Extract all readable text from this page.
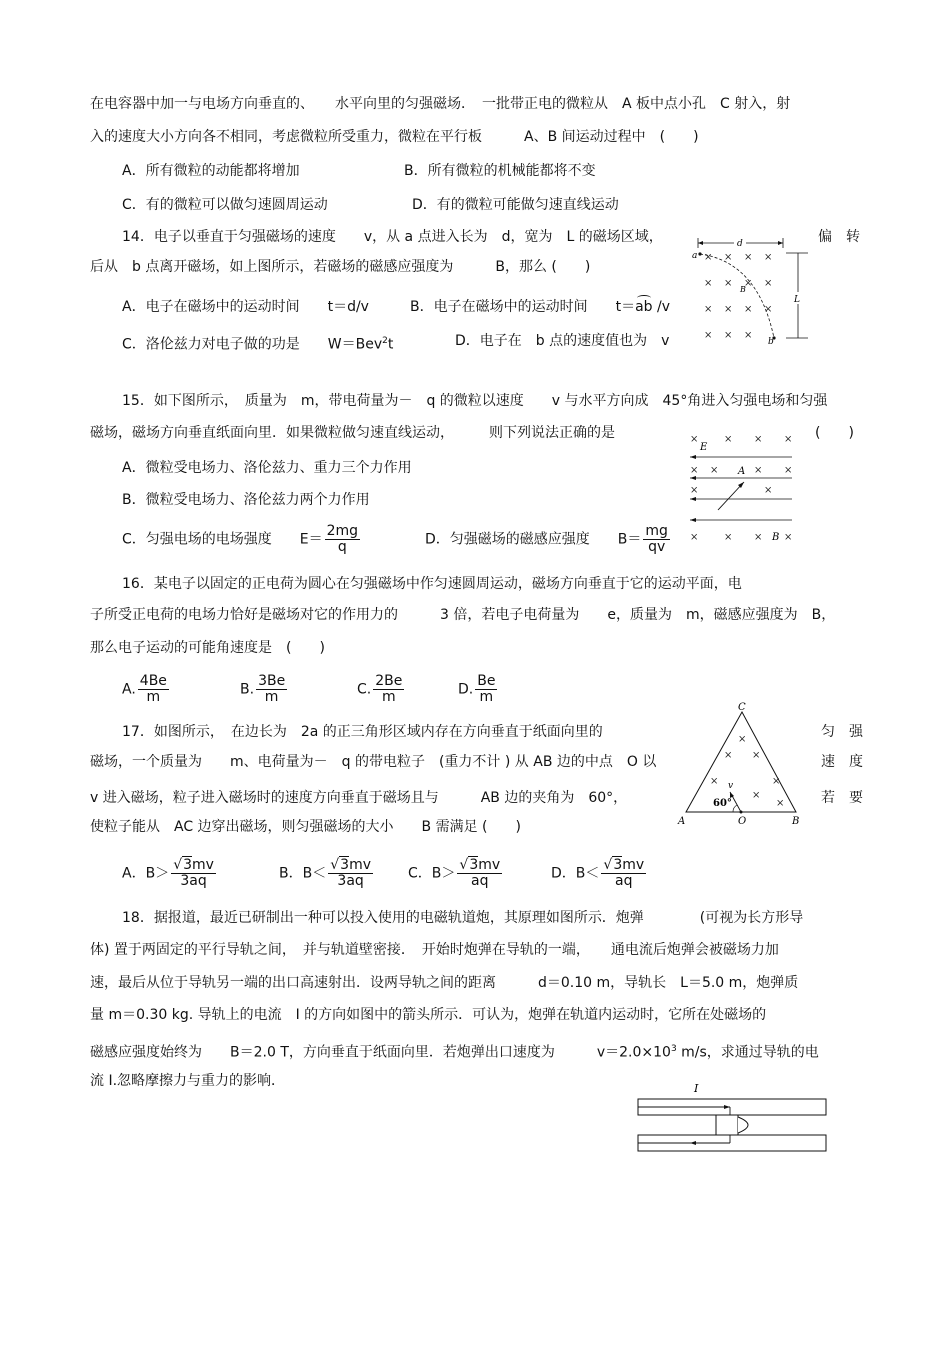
在电容器中加一与电场方向垂直的、　　水平向里的匀强磁场．　一批带正电的微粒从　A 板中点小孔　C 射入，射
入的速度大小方向各不相同，考虑微粒所受重力，微粒在平行板　　　A、B 间运动过程中　(　　)
A．所有微粒的动能都将增加	B．所有微粒的机械能都将不变
C．有的微粒可以做匀速圆周运动	D．有的微粒可能做匀速直线运动
14．电子以垂直于匀强磁场的速度　　v，从 a 点进入长为　d，宽为　L 的磁场区域，	偏　转
后从　b 点离开磁场，如上图所示，若磁场的磁感应强度为　　　B，那么 (　　)
A．电子在磁场中的运动时间　　t＝d/v	B．电子在磁场中的运动时间　　t＝
ab /v
C．洛伦兹力对电子做的功是　　W＝Bev$^2$t	D．电子在　b 点的速度值也为　v
d
L
a
b
B
× × × ×
× × × ×
× × × ×
× × ×
15．如下图所示，　质量为　m，带电荷量为－　q 的微粒以速度　　v 与水平方向成　45°角进入匀强电场和匀强
磁场，磁场方向垂直纸面向里．如果微粒做匀速直线运动，　　　则下列说法正确的是	(　　)
A．微粒受电场力、洛伦兹力、重力三个力作用
B．微粒受电场力、洛伦兹力两个力作用
C．匀强电场的电场强度　　$E= \frac{2mg}{q}$	D．匀强磁场的磁感应强度　　$B= \frac{mg}{qv}$
×	× × ×
× ×	× ×
×	×
×	× × ×
E
A
B
16．某电子以固定的正电荷为圆心在匀强磁场中作匀速圆周运动，磁场方向垂直于它的运动平面，电
子所受正电荷的电场力恰好是磁场对它的作用力的　　　3 倍，若电子电荷量为　　e，质量为　m，磁感应强度为　B，
那么电子运动的可能角速度是　(　　)
A. $\frac{4Be}{m}$	B. $\frac{3Be}{m}$	C. $\frac{2Be}{m}$	D. $\frac{Be}{m}$
17．如图所示，　在边长为　2a 的正三角形区域内存在方向垂直于纸面向里的	匀　强
磁场，一个质量为　　m、电荷量为－　q 的带电粒子　(重力不计 ) 从 AB 边的中点　O 以	速　度
v 进入磁场，粒子进入磁场时的速度方向垂直于磁场且与　　　AB 边的夹角为　60°，	若　要
使粒子能从　AC 边穿出磁场，则匀强磁场的大小　　B 需满足 (　　)
A．$B> \frac{√3mv}{3aq}$	B．$B< \frac{√3mv}{3aq}$	C．$B> \frac{√3mv}{aq}$	D．$B< \frac{√3mv}{aq}$
C
A	B
O
v
60°
×
× ×
×	×
×
×
18．据报道，最近已研制出一种可以投入使用的电磁轨道炮，其原理如图所示．炮弹　　　　(可视为长方形导
体) 置于两固定的平行导轨之间，　并与轨道壁密接．　开始时炮弹在导轨的一端，　　通电流后炮弹会被磁场力加
速，最后从位于导轨另一端的出口高速射出．设两导轨之间的距离　　　d＝0.10 m，导轨长　L＝5.0 m，炮弹质
量 m＝0.30 kg. 导轨上的电流　I 的方向如图中的箭头所示．可认为，炮弹在轨道内运动时，它所在处磁场的
磁感应强度始终为　　B＝2.0 T，方向垂直于纸面向里．若炮弹出口速度为　　　$v=2.0\times 10^3$ m/s，求通过导轨的电
流 I.忽略摩擦力与重力的影响．	I
